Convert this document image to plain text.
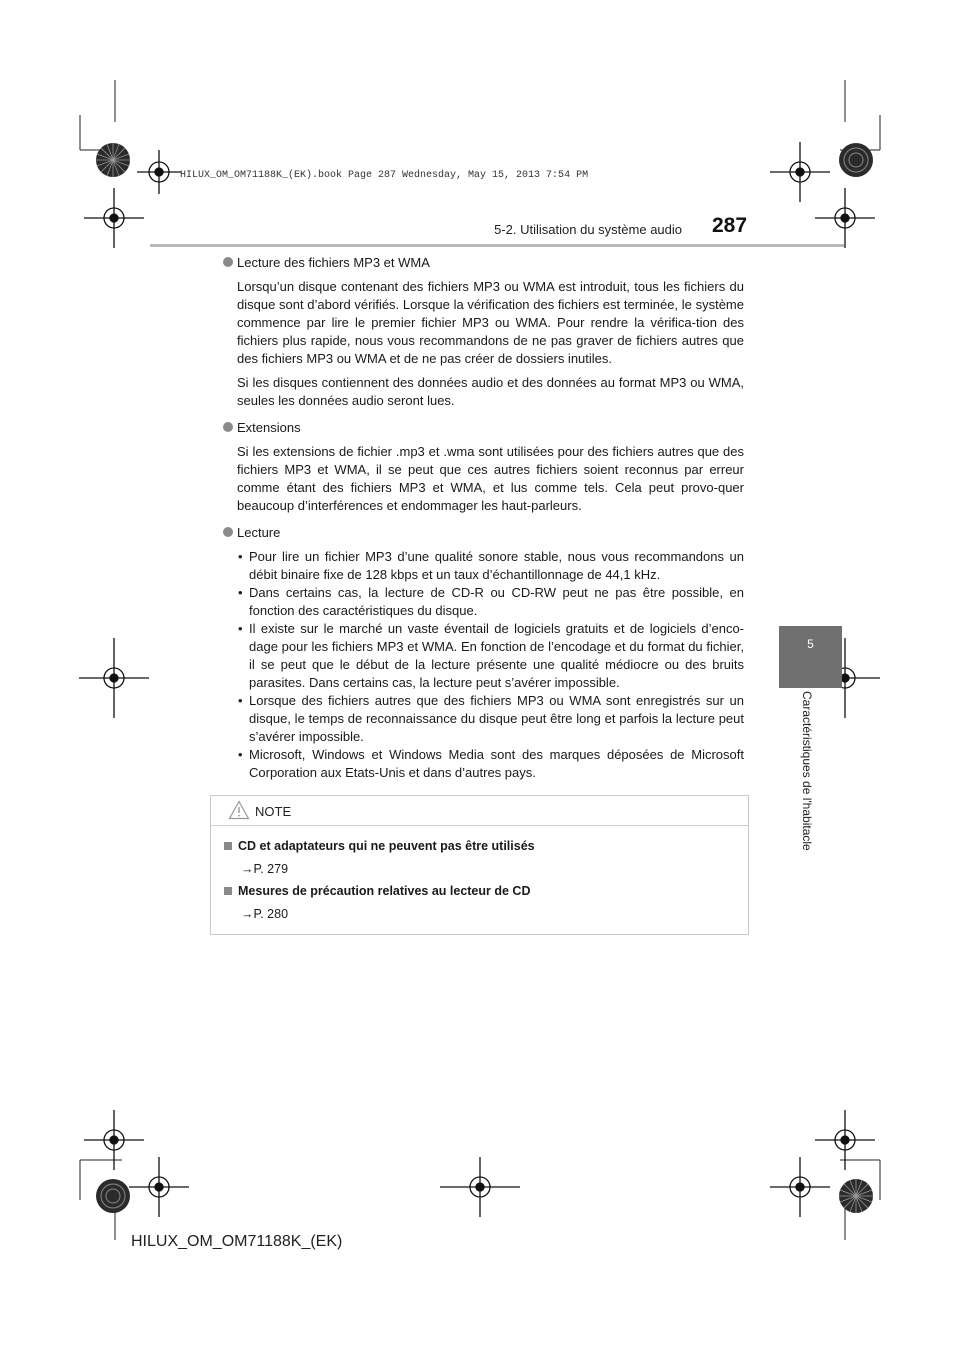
HILUX_OM_OM71188K_(EK).book Page 287 Wednesday, May 15, 2013 7:54 PM
5-2. Utilisation du système audio 287
5
Caractéristiques de l'habitacle
Lecture des fichiers MP3 et WMA

Lorsqu’un disque contenant des fichiers MP3 ou WMA est introduit, tous les fichiers du disque sont d’abord vérifiés. Lorsque la vérification des fichiers est terminée, le système commence par lire le premier fichier MP3 ou WMA. Pour rendre la vérifica-tion des fichiers plus rapide, nous vous recommandons de ne pas graver de fichiers autres que des fichiers MP3 ou WMA et de ne pas créer de dossiers inutiles.

Si les disques contiennent des données audio et des données au format MP3 ou WMA, seules les données audio seront lues.

Extensions

Si les extensions de fichier .mp3 et .wma sont utilisées pour des fichiers autres que des fichiers MP3 et WMA, il se peut que ces autres fichiers soient reconnus par erreur comme étant des fichiers MP3 et WMA, et lus comme tels. Cela peut provo-quer beaucoup d’interférences et endommager les haut-parleurs.

Lecture
• Pour lire un fichier MP3 d’une qualité sonore stable, nous vous recommandons un débit binaire fixe de 128 kbps et un taux d’échantillonnage de 44,1 kHz.
• Dans certains cas, la lecture de CD-R ou CD-RW peut ne pas être possible, en fonction des caractéristiques du disque.
• Il existe sur le marché un vaste éventail de logiciels gratuits et de logiciels d’enco-dage pour les fichiers MP3 et WMA. En fonction de l’encodage et du format du fichier, il se peut que le début de la lecture présente une qualité médiocre ou des bruits parasites. Dans certains cas, la lecture peut s’avérer impossible.
• Lorsque des fichiers autres que des fichiers MP3 ou WMA sont enregistrés sur un disque, le temps de reconnaissance du disque peut être long et parfois la lecture peut s’avérer impossible.
• Microsoft, Windows et Windows Media sont des marques déposées de Microsoft Corporation aux Etats-Unis et dans d’autres pays.
NOTE
CD et adaptateurs qui ne peuvent pas être utilisés
→P. 279
Mesures de précaution relatives au lecteur de CD
→P. 280
HILUX_OM_OM71188K_(EK)
